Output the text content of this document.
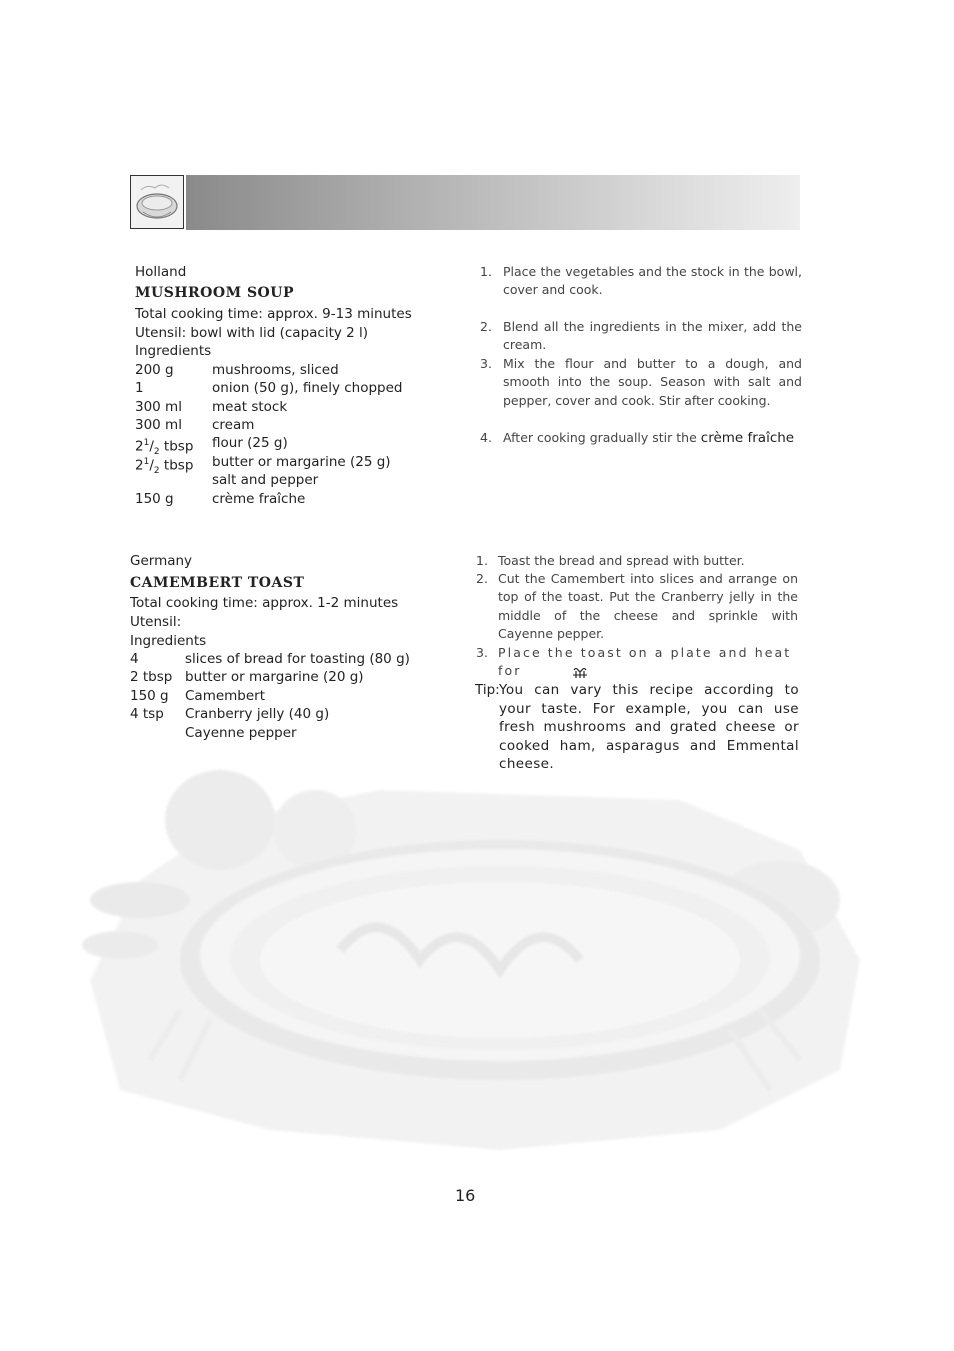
Holland
MUSHROOM SOUP
Total cooking time: approx. 9-13 minutes
Utensil: bowl with lid (capacity 2 l)
Ingredients
200 g	mushrooms, sliced
1	onion (50 g), finely chopped
300 ml meat stock
300 ml cream
$2^1/_2$ tbsp flour (25 g)
$2^1/_2$ tbsp butter or margarine (25 g)
salt and pepper
150 g	crème fraîche
1. Place the vegetables and the stock in the bowl, cover and cook.
2. Blend all the ingredients in the mixer, add the cream.
3. Mix the flour and butter to a dough, and smooth into the soup. Season with salt and pepper, cover and cook. Stir after cooking.
4. After cooking gradually stir the crème fraîche
Germany
CAMEMBERT TOAST
Total cooking time: approx. 1-2 minutes
Utensil:
Ingredients
4	slices of bread for toasting (80 g)
2 tbsp butter or margarine (20 g)
150 g Camembert
4 tsp Cranberry jelly (40 g)
Cayenne pepper
1. Toast the bread and spread with butter.
2. Cut the Camembert into slices and arrange on top of the toast. Put the Cranberry jelly in the middle of the cheese and sprinkle with Cayenne pepper.
3. Place the toast on a plate and heat for
Tip: You can vary this recipe according to your taste. For example, you can use fresh mushrooms and grated cheese or cooked ham, asparagus and Emmental cheese.
16
